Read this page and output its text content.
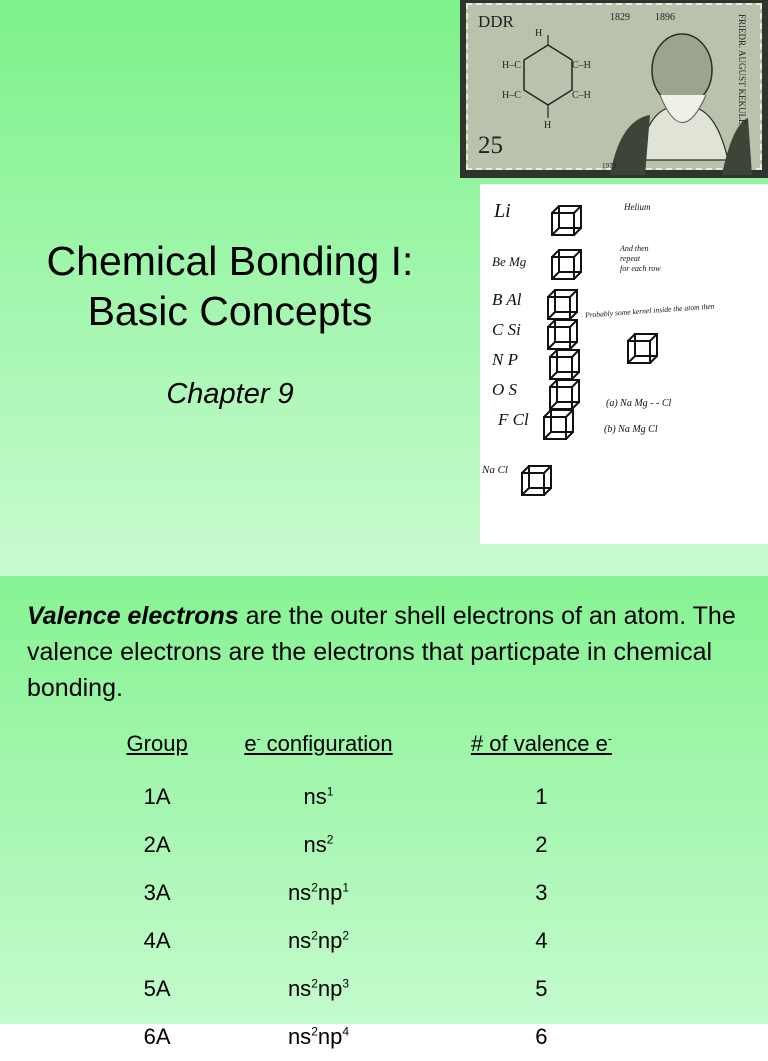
Chemical Bonding I:
Basic Concepts
Chapter 9
DDR	1829          1896
25
1979
FRIEDR. AUGUST KEKULÉ
H
H–C	C–H
H–C	C–H
H
Li
Be Mg
B Al
C Si
N P
O S
F Cl
Na Cl
Helium
And then
repeat
for each row
Probably some kernel inside the atom then
(a) Na Mg - - Cl
(b) Na Mg Cl
Valence electrons are the outer shell electrons of an atom. The valence electrons are the electrons that particpate in chemical bonding.
Group	e- configuration	# of valence e-
1A	$ns^1$	1
2A	$ns^2$	2
3A	$ns^2np^1$	3
4A	$ns^2np^2$	4
5A	$ns^2np^3$	5
6A	$ns^2np^4$	6
